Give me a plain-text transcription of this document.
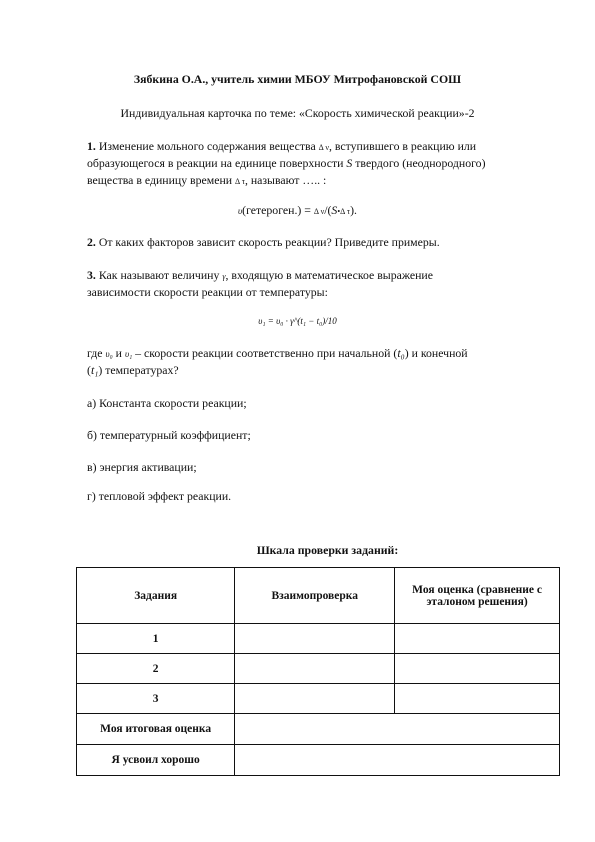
Зябкина О.А., учитель химии МБОУ Митрофановской СОШ
Индивидуальная карточка по теме: «Скорость химической реакции»-2
1. Изменение мольного содержания вещества Δ ν, вступившего в реакцию или
образующегося в реакции на единице поверхности S твердого (неоднородного)
вещества в единицу времени Δ τ, называют ….. :
υ(гетероген.) = Δ ν/(S•Δ τ).
2. От каких факторов зависит скорость реакции? Приведите примеры.
3. Как называют величину γ, входящую в математическое выражение
зависимости скорости реакции от температуры:
υ₁ = υ₀ · γ^(t₁ − t₀)/10
где υ₀ и υ₁ – скорости реакции соответственно при начальной (t₀) и конечной
(t₁) температурах?
а) Константа скорости реакции;
б) температурный коэффициент;
в) энергия активации;
г) тепловой эффект реакции.
Шкала проверки заданий:
Задания	Взаимопроверка	Моя оценка (сравнение с эталоном решения)
1		
2		
3		
Моя итоговая оценка		
Я усвоил хорошо		
